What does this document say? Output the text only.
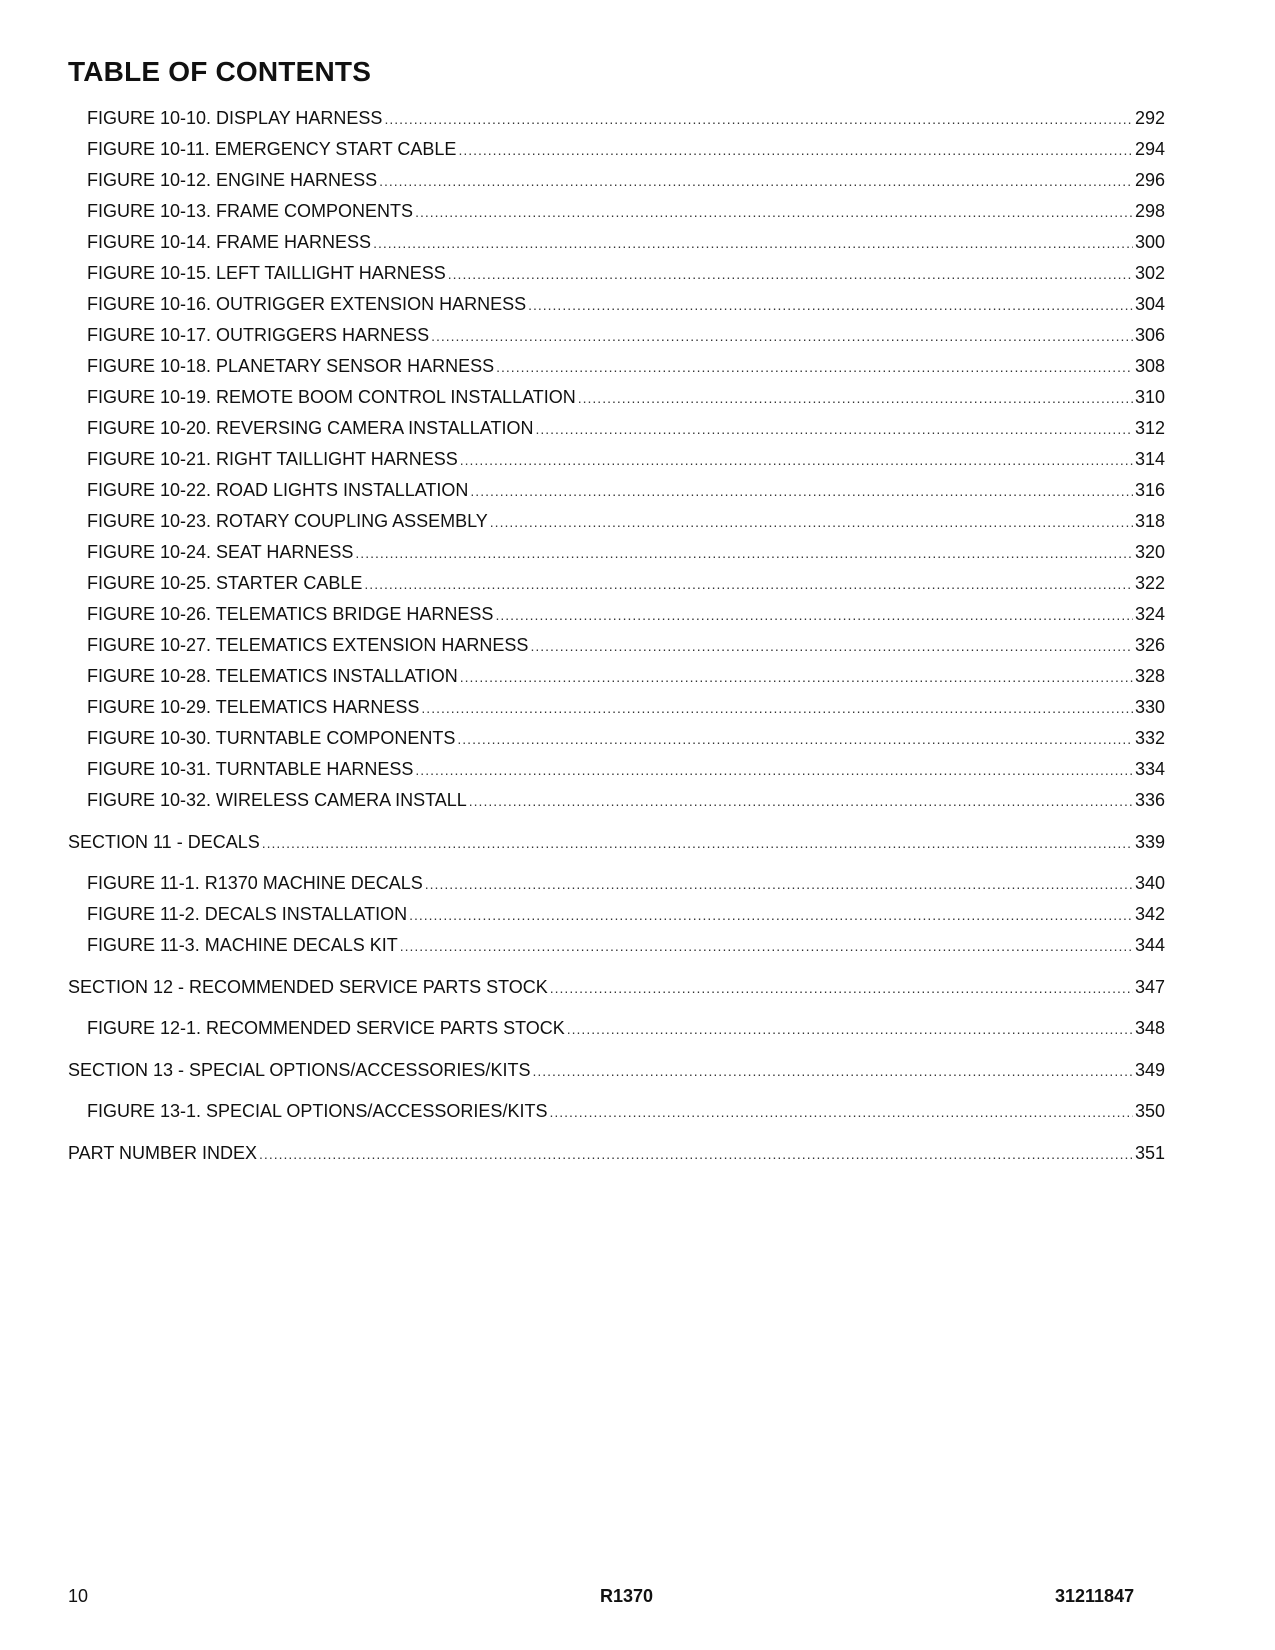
TABLE OF CONTENTS
FIGURE 10-10. DISPLAY HARNESS .....	292
FIGURE 10-11. EMERGENCY START CABLE .....	294
FIGURE 10-12. ENGINE HARNESS .....	296
FIGURE 10-13. FRAME COMPONENTS .....	298
FIGURE 10-14. FRAME HARNESS .....	300
FIGURE 10-15. LEFT TAILLIGHT HARNESS .....	302
FIGURE 10-16. OUTRIGGER EXTENSION HARNESS .....	304
FIGURE 10-17. OUTRIGGERS HARNESS .....	306
FIGURE 10-18. PLANETARY SENSOR HARNESS .....	308
FIGURE 10-19. REMOTE BOOM CONTROL INSTALLATION .....	310
FIGURE 10-20. REVERSING CAMERA INSTALLATION .....	312
FIGURE 10-21. RIGHT TAILLIGHT HARNESS .....	314
FIGURE 10-22. ROAD LIGHTS INSTALLATION .....	316
FIGURE 10-23. ROTARY COUPLING ASSEMBLY .....	318
FIGURE 10-24. SEAT HARNESS .....	320
FIGURE 10-25. STARTER CABLE .....	322
FIGURE 10-26. TELEMATICS BRIDGE HARNESS .....	324
FIGURE 10-27. TELEMATICS EXTENSION HARNESS .....	326
FIGURE 10-28. TELEMATICS INSTALLATION .....	328
FIGURE 10-29. TELEMATICS HARNESS .....	330
FIGURE 10-30. TURNTABLE COMPONENTS .....	332
FIGURE 10-31. TURNTABLE HARNESS .....	334
FIGURE 10-32. WIRELESS CAMERA INSTALL .....	336
SECTION 11 - DECALS .....	339
FIGURE 11-1. R1370 MACHINE DECALS .....	340
FIGURE 11-2. DECALS INSTALLATION .....	342
FIGURE 11-3. MACHINE DECALS KIT .....	344
SECTION 12 - RECOMMENDED SERVICE PARTS STOCK .....	347
FIGURE 12-1. RECOMMENDED SERVICE PARTS STOCK .....	348
SECTION 13 - SPECIAL OPTIONS/ACCESSORIES/KITS .....	349
FIGURE 13-1. SPECIAL OPTIONS/ACCESSORIES/KITS .....	350
PART NUMBER INDEX .....	351
10	R1370	31211847
